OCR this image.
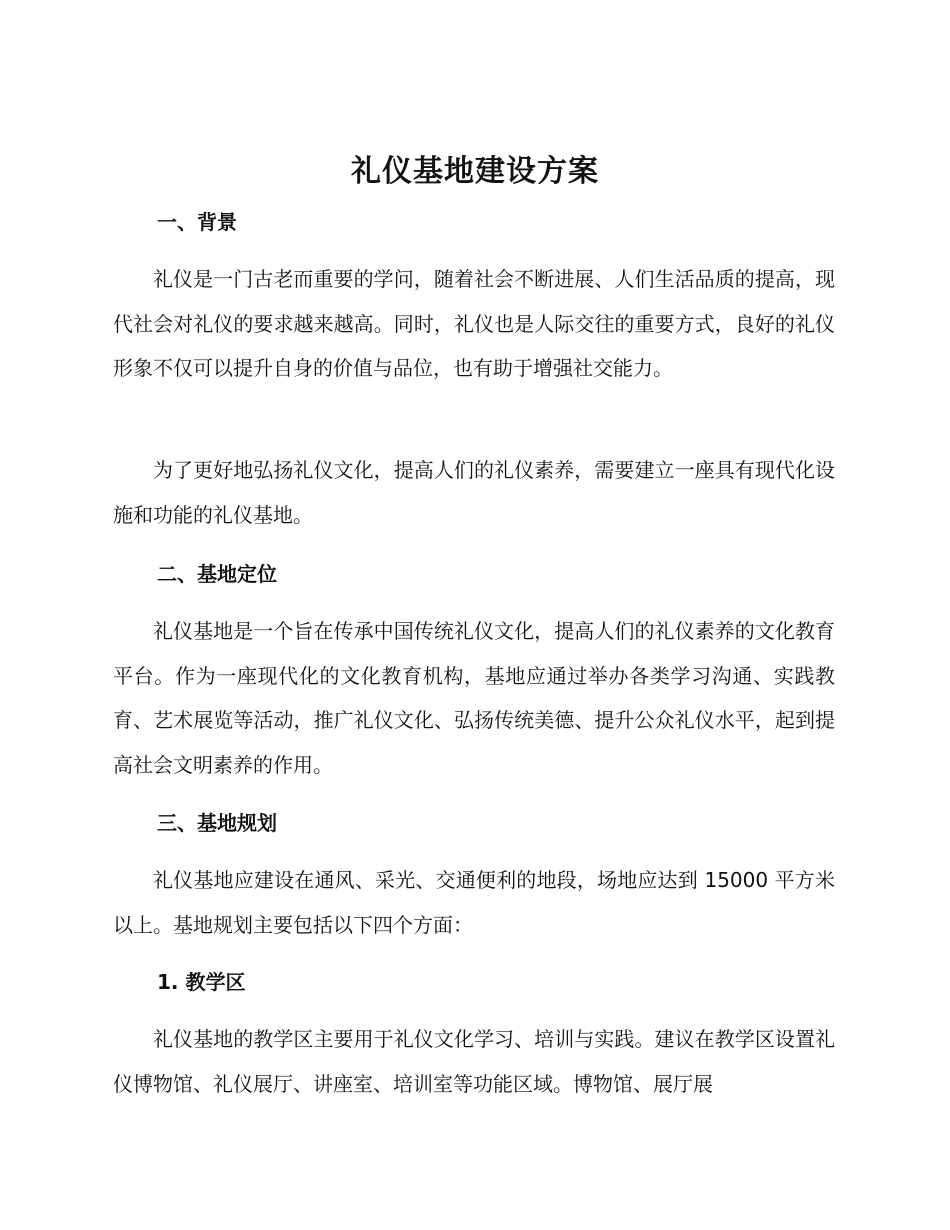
礼仪基地建设方案
一、背景

礼仪是一门古老而重要的学问，随着社会不断进展、人们生活品质的提高，现代社会对礼仪的要求越来越高。同时，礼仪也是人际交往的重要方式，良好的礼仪形象不仅可以提升自身的价值与品位，也有助于增强社交能力。

为了更好地弘扬礼仪文化，提高人们的礼仪素养，需要建立一座具有现代化设施和功能的礼仪基地。

二、基地定位

礼仪基地是一个旨在传承中国传统礼仪文化，提高人们的礼仪素养的文化教育平台。作为一座现代化的文化教育机构，基地应通过举办各类学习沟通、实践教育、艺术展览等活动，推广礼仪文化、弘扬传统美德、提升公众礼仪水平，起到提高社会文明素养的作用。

三、基地规划

礼仪基地应建设在通风、采光、交通便利的地段，场地应达到 15000 平方米以上。基地规划主要包括以下四个方面：

1. 教学区

礼仪基地的教学区主要用于礼仪文化学习、培训与实践。建议在教学区设置礼仪博物馆、礼仪展厅、讲座室、培训室等功能区域。博物馆、展厅展
